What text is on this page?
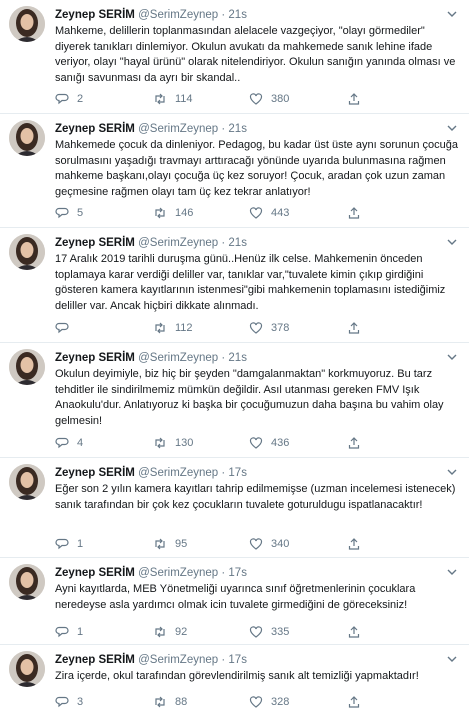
Zeynep SERİM @SerimZeynep · 21s

Mahkeme, delillerin toplanmasından alelacele vazgeçiyor, "olayı görmediler" diyerek tanıkları dinlemiyor. Okulun avukatı da mahkemede sanık lehine ifade veriyor, olayı "hayal ürünü" olarak nitelendiriyor. Okulun sanığın yanında olması ve sanığı savunması da ayrı bir skandal..

2	114	380
Zeynep SERİM @SerimZeynep · 21s

Mahkemede çocuk da dinleniyor. Pedagog, bu kadar üst üste aynı sorunun çocuğa sorulmasını yaşadığı travmayı arttıracağı yönünde uyarıda bulunmasına rağmen mahkeme başkanı,olayı çocuğa üç kez soruyor! Çocuk, aradan çok uzun zaman geçmesine rağmen olayı tam üç kez tekrar anlatıyor!

5	146	443
Zeynep SERİM @SerimZeynep · 21s

17 Aralık 2019 tarihli duruşma günü..Henüz ilk celse. Mahkemenin önceden toplamaya karar verdiği deliller var, tanıklar var,"tuvalete kimin çıkıp girdiğini gösteren kamera kayıtlarının istenmesi"gibi mahkemenin toplamasını istediğimiz deliller var. Ancak hiçbiri dikkate alınmadı.

112	378
Zeynep SERİM @SerimZeynep · 21s

Okulun deyimiyle, biz hiç bir şeyden "damgalanmaktan" korkmuyoruz. Bu tarz tehditler ile sindirilmemiz mümkün değildir. Asıl utanması gereken FMV Işık Anaokulu'dur. Anlatıyoruz ki başka bir çocuğumuzun daha başına bu vahim olay gelmesin!

4	130	436
Zeynep SERİM @SerimZeynep · 17s

Eğer son 2 yılın kamera kayıtları tahrip edilmemişse (uzman incelemesi istenecek) sanık tarafından bir çok kez çocukların tuvalete goturuldugu ispatlanacaktır!

1	95	340
Zeynep SERİM @SerimZeynep · 17s

Ayni kayıtlarda, MEB Yönetmeliği uyarınca sınıf öğretmenlerinin çocuklara neredeyse asla yardımcı olmak icin tuvalete girmediğini de göreceksiniz!

1	92	335
Zeynep SERİM @SerimZeynep · 17s

Zira içerde, okul tarafından görevlendirilmiş sanık alt temizliği yapmaktadır!

3	88	328
